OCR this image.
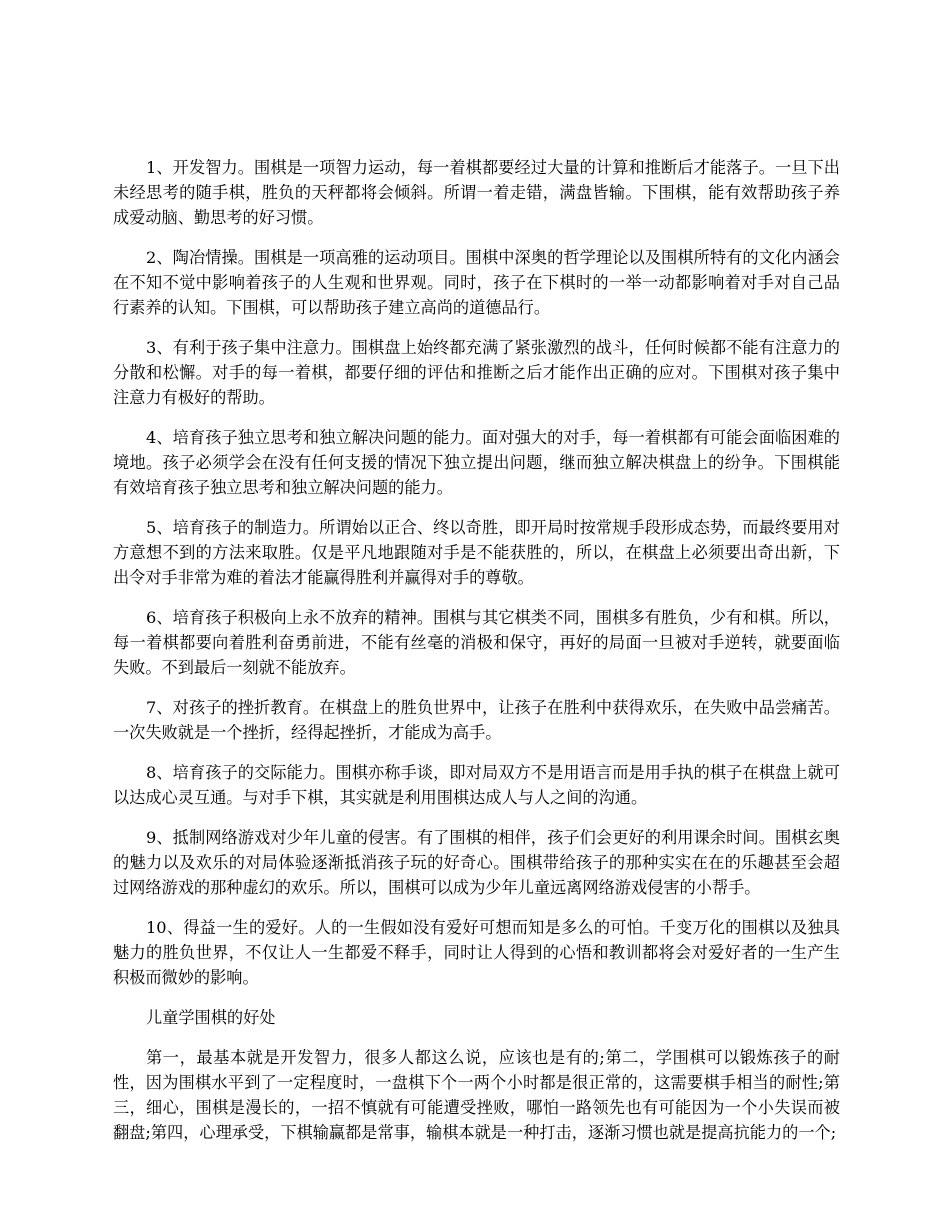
1、开发智力。围棋是一项智力运动，每一着棋都要经过大量的计算和推断后才能落子。一旦下出未经思考的随手棋，胜负的天秤都将会倾斜。所谓一着走错，满盘皆输。下围棋，能有效帮助孩子养成爱动脑、勤思考的好习惯。

2、陶冶情操。围棋是一项高雅的运动项目。围棋中深奥的哲学理论以及围棋所特有的文化内涵会在不知不觉中影响着孩子的人生观和世界观。同时，孩子在下棋时的一举一动都影响着对手对自己品行素养的认知。下围棋，可以帮助孩子建立高尚的道德品行。

3、有利于孩子集中注意力。围棋盘上始终都充满了紧张激烈的战斗，任何时候都不能有注意力的分散和松懈。对手的每一着棋，都要仔细的评估和推断之后才能作出正确的应对。下围棋对孩子集中注意力有极好的帮助。

4、培育孩子独立思考和独立解决问题的能力。面对强大的对手，每一着棋都有可能会面临困难的境地。孩子必须学会在没有任何支援的情况下独立提出问题，继而独立解决棋盘上的纷争。下围棋能有效培育孩子独立思考和独立解决问题的能力。

5、培育孩子的制造力。所谓始以正合、终以奇胜，即开局时按常规手段形成态势，而最终要用对方意想不到的方法来取胜。仅是平凡地跟随对手是不能获胜的，所以，在棋盘上必须要出奇出新，下出令对手非常为难的着法才能赢得胜利并赢得对手的尊敬。

6、培育孩子积极向上永不放弃的精神。围棋与其它棋类不同，围棋多有胜负，少有和棋。所以，每一着棋都要向着胜利奋勇前进，不能有丝毫的消极和保守，再好的局面一旦被对手逆转，就要面临失败。不到最后一刻就不能放弃。

7、对孩子的挫折教育。在棋盘上的胜负世界中，让孩子在胜利中获得欢乐，在失败中品尝痛苦。一次失败就是一个挫折，经得起挫折，才能成为高手。

8、培育孩子的交际能力。围棋亦称手谈，即对局双方不是用语言而是用手执的棋子在棋盘上就可以达成心灵互通。与对手下棋，其实就是利用围棋达成人与人之间的沟通。

9、抵制网络游戏对少年儿童的侵害。有了围棋的相伴，孩子们会更好的利用课余时间。围棋玄奥的魅力以及欢乐的对局体验逐渐抵消孩子玩的好奇心。围棋带给孩子的那种实实在在的乐趣甚至会超过网络游戏的那种虚幻的欢乐。所以，围棋可以成为少年儿童远离网络游戏侵害的小帮手。

10、得益一生的爱好。人的一生假如没有爱好可想而知是多么的可怕。千变万化的围棋以及独具魅力的胜负世界，不仅让人一生都爱不释手，同时让人得到的心悟和教训都将会对爱好者的一生产生积极而微妙的影响。

儿童学围棋的好处

第一，最基本就是开发智力，很多人都这么说，应该也是有的;第二，学围棋可以锻炼孩子的耐性，因为围棋水平到了一定程度时，一盘棋下个一两个小时都是很正常的，这需要棋手相当的耐性;第三，细心，围棋是漫长的，一招不慎就有可能遭受挫败，哪怕一路领先也有可能因为一个小失误而被翻盘;第四，心理承受，下棋输赢都是常事，输棋本就是一种打击，逐渐习惯也就是提高抗能力的一个;
